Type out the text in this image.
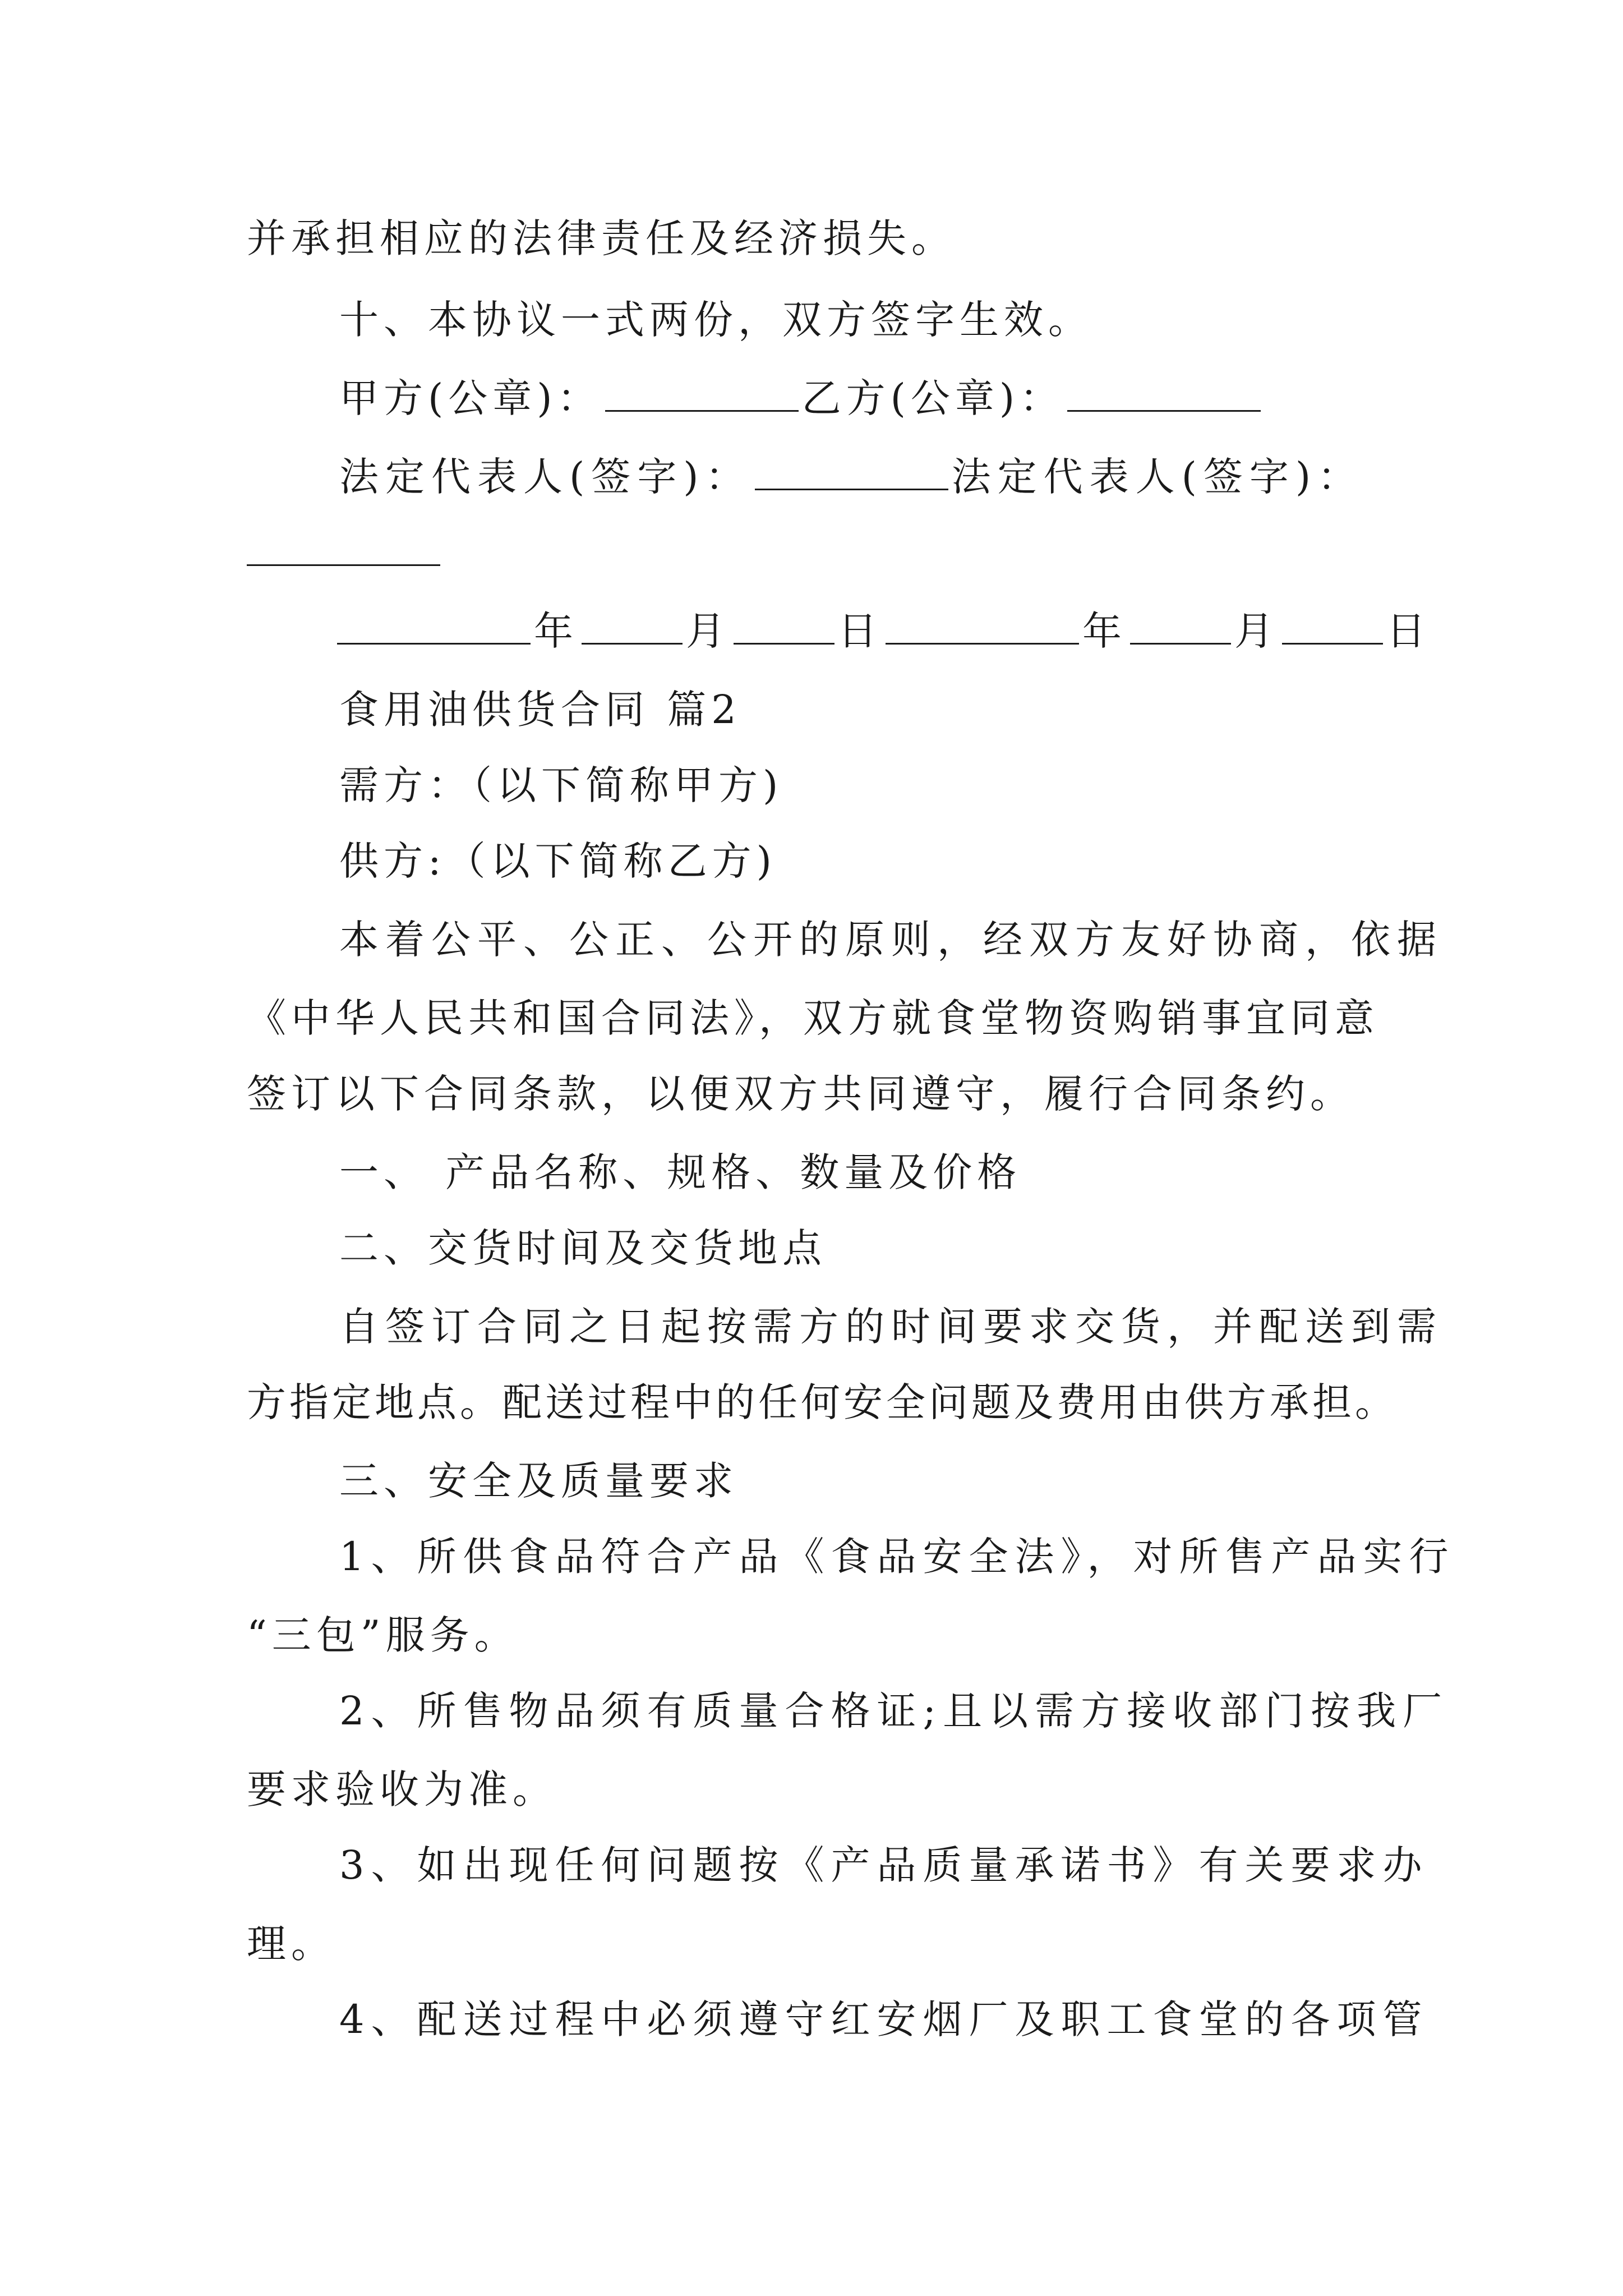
并承担相应的法律责任及经济损失。
十、本协议一式两份，双方签字生效。
甲方(公章)：	乙方(公章)：
法定代表人(签字)：	法定代表人(签字)：
年	月	日	年	月	日
食用油供货合同 篇2
需方：（以下简称甲方)
供方:（以下简称乙方)
本着公平、公正、公开的原则，经双方友好协商，依据
《中华人民共和国合同法》，双方就食堂物资购销事宜同意
签订以下合同条款，以便双方共同遵守，履行合同条约。
一、 产品名称、规格、数量及价格
二、交货时间及交货地点
自签订合同之日起按需方的时间要求交货，并配送到需
方指定地点。配送过程中的任何安全问题及费用由供方承担。
三、安全及质量要求
1、所供食品符合产品《食品安全法》，对所售产品实行
“三包”服务。
2、所售物品须有质量合格证;且以需方接收部门按我厂
要求验收为准。
3、如出现任何问题按《产品质量承诺书》有关要求办
理。
4、配送过程中必须遵守红安烟厂及职工食堂的各项管
